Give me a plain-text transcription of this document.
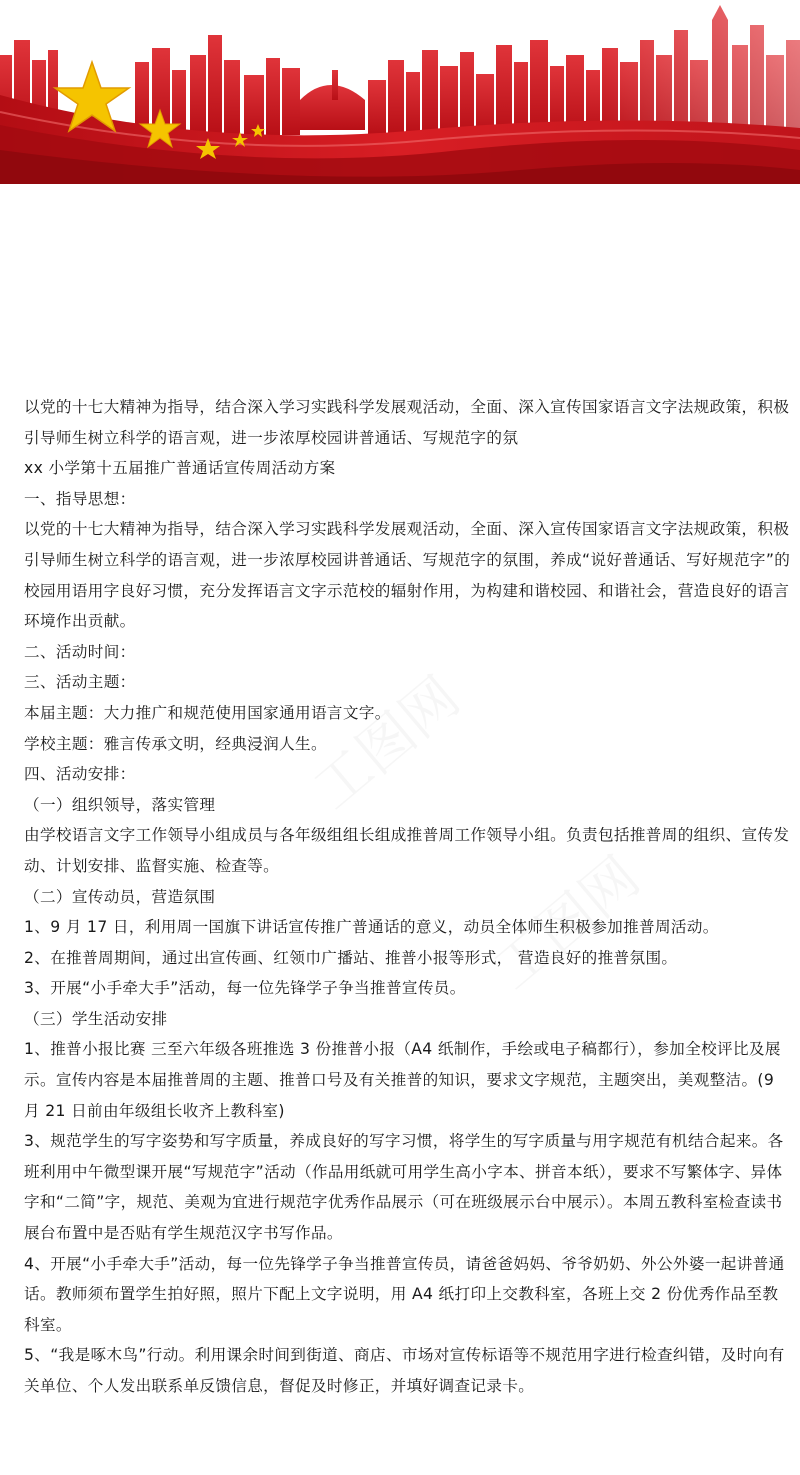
以党的十七大精神为指导，结合深入学习实践科学发展观活动，全面、深入宣传国家语言文字法规政策，积极引导师生树立科学的语言观，进一步浓厚校园讲普通话、写规范字的氛

xx 小学第十五届推广普通话宣传周活动方案

一、指导思想：

以党的十七大精神为指导，结合深入学习实践科学发展观活动，全面、深入宣传国家语言文字法规政策，积极引导师生树立科学的语言观，进一步浓厚校园讲普通话、写规范字的氛围，养成“说好普通话、写好规范字”的校园用语用字良好习惯，充分发挥语言文字示范校的辐射作用，为构建和谐校园、和谐社会，营造良好的语言环境作出贡献。

二、活动时间：

三、活动主题：

本届主题：大力推广和规范使用国家通用语言文字。

学校主题：雅言传承文明，经典浸润人生。

四、活动安排：

（一）组织领导，落实管理

由学校语言文字工作领导小组成员与各年级组组长组成推普周工作领导小组。负责包括推普周的组织、宣传发动、计划安排、监督实施、检查等。

（二）宣传动员，营造氛围

1、9 月 17 日，利用周一国旗下讲话宣传推广普通话的意义，动员全体师生积极参加推普周活动。

2、在推普周期间，通过出宣传画、红领巾广播站、推普小报等形式， 营造良好的推普氛围。

3、开展“小手牵大手”活动，每一位先锋学子争当推普宣传员。

（三）学生活动安排

1、推普小报比赛 三至六年级各班推选 3 份推普小报（A4 纸制作，手绘或电子稿都行），参加全校评比及展示。宣传内容是本届推普周的主题、推普口号及有关推普的知识，要求文字规范，主题突出，美观整洁。(9 月 21 日前由年级组长收齐上教科室)

3、规范学生的写字姿势和写字质量，养成良好的写字习惯，将学生的写字质量与用字规范有机结合起来。各班利用中午微型课开展“写规范字”活动（作品用纸就可用学生高小字本、拼音本纸），要求不写繁体字、异体字和“二简”字，规范、美观为宜进行规范字优秀作品展示（可在班级展示台中展示）。本周五教科室检查读书展台布置中是否贴有学生规范汉字书写作品。

4、开展“小手牵大手”活动，每一位先锋学子争当推普宣传员，请爸爸妈妈、爷爷奶奶、外公外婆一起讲普通话。教师须布置学生拍好照，照片下配上文字说明，用 A4 纸打印上交教科室，各班上交 2 份优秀作品至教科室。

5、“我是啄木鸟”行动。利用课余时间到街道、商店、市场对宣传标语等不规范用字进行检查纠错，及时向有关单位、个人发出联系单反馈信息，督促及时修正，并填好调查记录卡。
